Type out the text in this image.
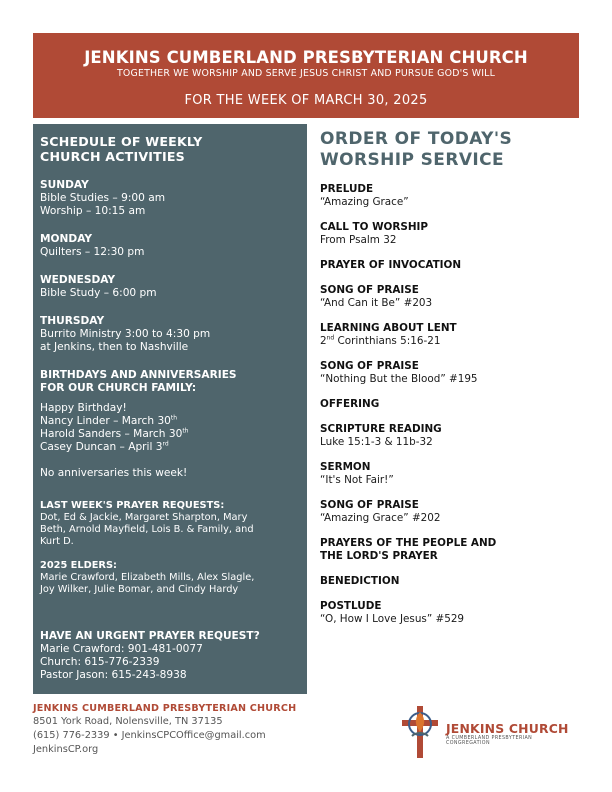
JENKINS CUMBERLAND PRESBYTERIAN CHURCH
TOGETHER WE WORSHIP AND SERVE JESUS CHRIST AND PURSUE GOD'S WILL
FOR THE WEEK OF MARCH 30, 2025
SCHEDULE OF WEEKLY
CHURCH ACTIVITIES
SUNDAY
Bible Studies – 9:00 am
Worship – 10:15 am
MONDAY
Quilters – 12:30 pm
WEDNESDAY
Bible Study – 6:00 pm
THURSDAY
Burrito Ministry 3:00 to 4:30 pm
at Jenkins, then to Nashville
BIRTHDAYS AND ANNIVERSARIES
FOR OUR CHURCH FAMILY:
Happy Birthday!
Nancy Linder – March 30th
Harold Sanders – March 30th
Casey Duncan – April 3rd
No anniversaries this week!
LAST WEEK'S PRAYER REQUESTS:
Dot, Ed & Jackie, Margaret Sharpton, Mary
Beth, Arnold Mayfield, Lois B. & Family, and
Kurt D.
2025 ELDERS:
Marie Crawford, Elizabeth Mills, Alex Slagle,
Joy Wilker, Julie Bomar, and Cindy Hardy
HAVE AN URGENT PRAYER REQUEST?
Marie Crawford: 901-481-0077
Church: 615-776-2339
Pastor Jason: 615-243-8938
ORDER OF TODAY'S
WORSHIP SERVICE
PRELUDE
“Amazing Grace”
CALL TO WORSHIP
From Psalm 32
PRAYER OF INVOCATION
SONG OF PRAISE
“And Can it Be” #203
LEARNING ABOUT LENT
2nd Corinthians 5:16-21
SONG OF PRAISE
“Nothing But the Blood” #195
OFFERING
SCRIPTURE READING
Luke 15:1-3 & 11b-32
SERMON
“It's Not Fair!”
SONG OF PRAISE
“Amazing Grace” #202
PRAYERS OF THE PEOPLE AND
THE LORD'S PRAYER
BENEDICTION
POSTLUDE
“O, How I Love Jesus” #529
JENKINS CUMBERLAND PRESBYTERIAN CHURCH
8501 York Road, Nolensville, TN 37135
(615) 776-2339 • JenkinsCPCOffice@gmail.com
JenkinsCP.org
JENKINS CHURCH
A CUMBERLAND PRESBYTERIAN CONGREGATION
